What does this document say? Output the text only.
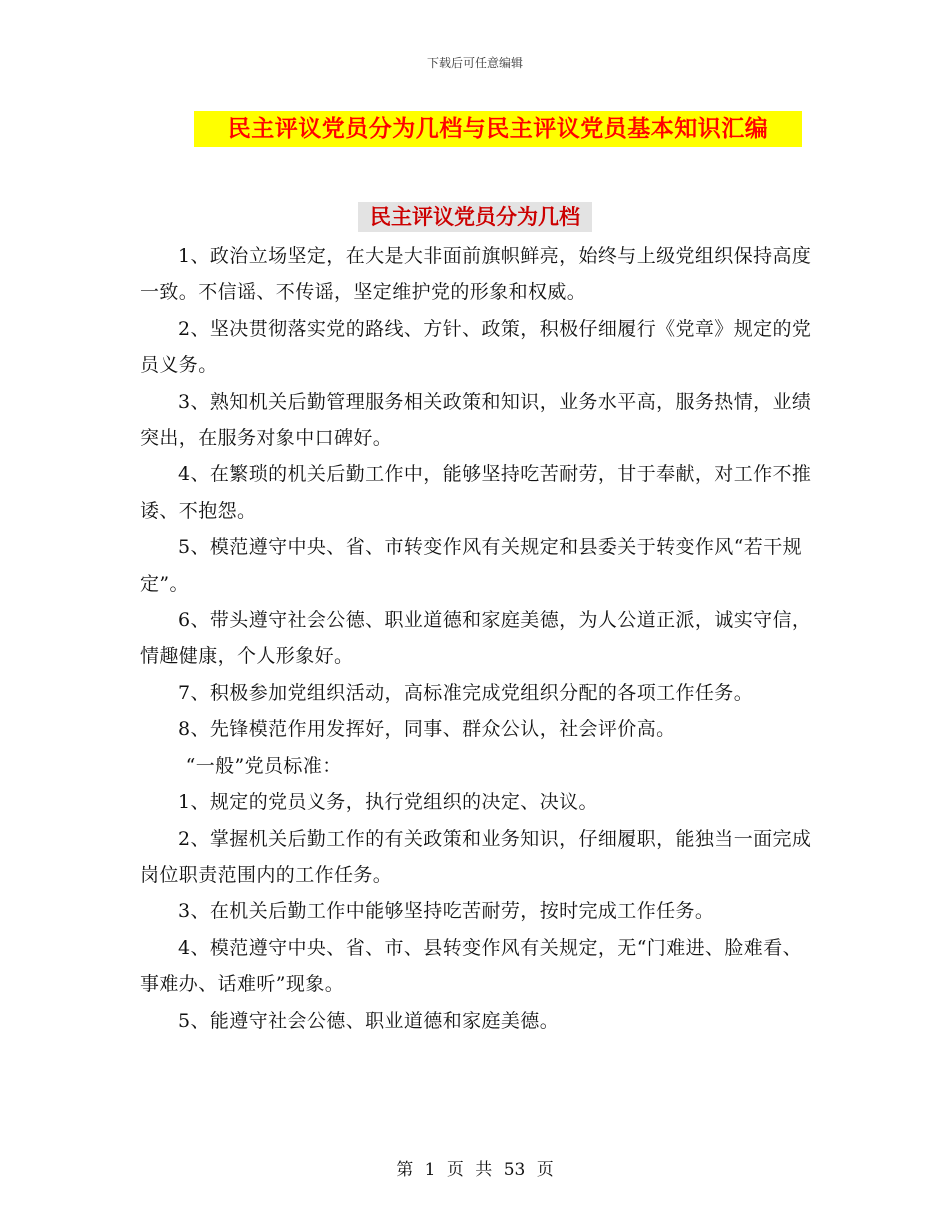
下载后可任意编辑
民主评议党员分为几档与民主评议党员基本知识汇编
民主评议党员分为几档

1、政治立场坚定，在大是大非面前旗帜鲜亮，始终与上级党组织保持高度一致。不信谣、不传谣，坚定维护党的形象和权威。

2、坚决贯彻落实党的路线、方针、政策，积极仔细履行《党章》规定的党员义务。

3、熟知机关后勤管理服务相关政策和知识，业务水平高，服务热情，业绩突出，在服务对象中口碑好。

4、在繁琐的机关后勤工作中，能够坚持吃苦耐劳，甘于奉献，对工作不推诿、不抱怨。

5、模范遵守中央、省、市转变作风有关规定和县委关于转变作风“若干规定”。

6、带头遵守社会公德、职业道德和家庭美德，为人公道正派，诚实守信，情趣健康，个人形象好。

7、积极参加党组织活动，高标准完成党组织分配的各项工作任务。

8、先锋模范作用发挥好，同事、群众公认，社会评价高。

“一般”党员标准：

1、规定的党员义务，执行党组织的决定、决议。

2、掌握机关后勤工作的有关政策和业务知识，仔细履职，能独当一面完成岗位职责范围内的工作任务。

3、在机关后勤工作中能够坚持吃苦耐劳，按时完成工作任务。

4、模范遵守中央、省、市、县转变作风有关规定，无“门难进、脸难看、事难办、话难听”现象。

5、能遵守社会公德、职业道德和家庭美德。

第 1 页 共 53 页
